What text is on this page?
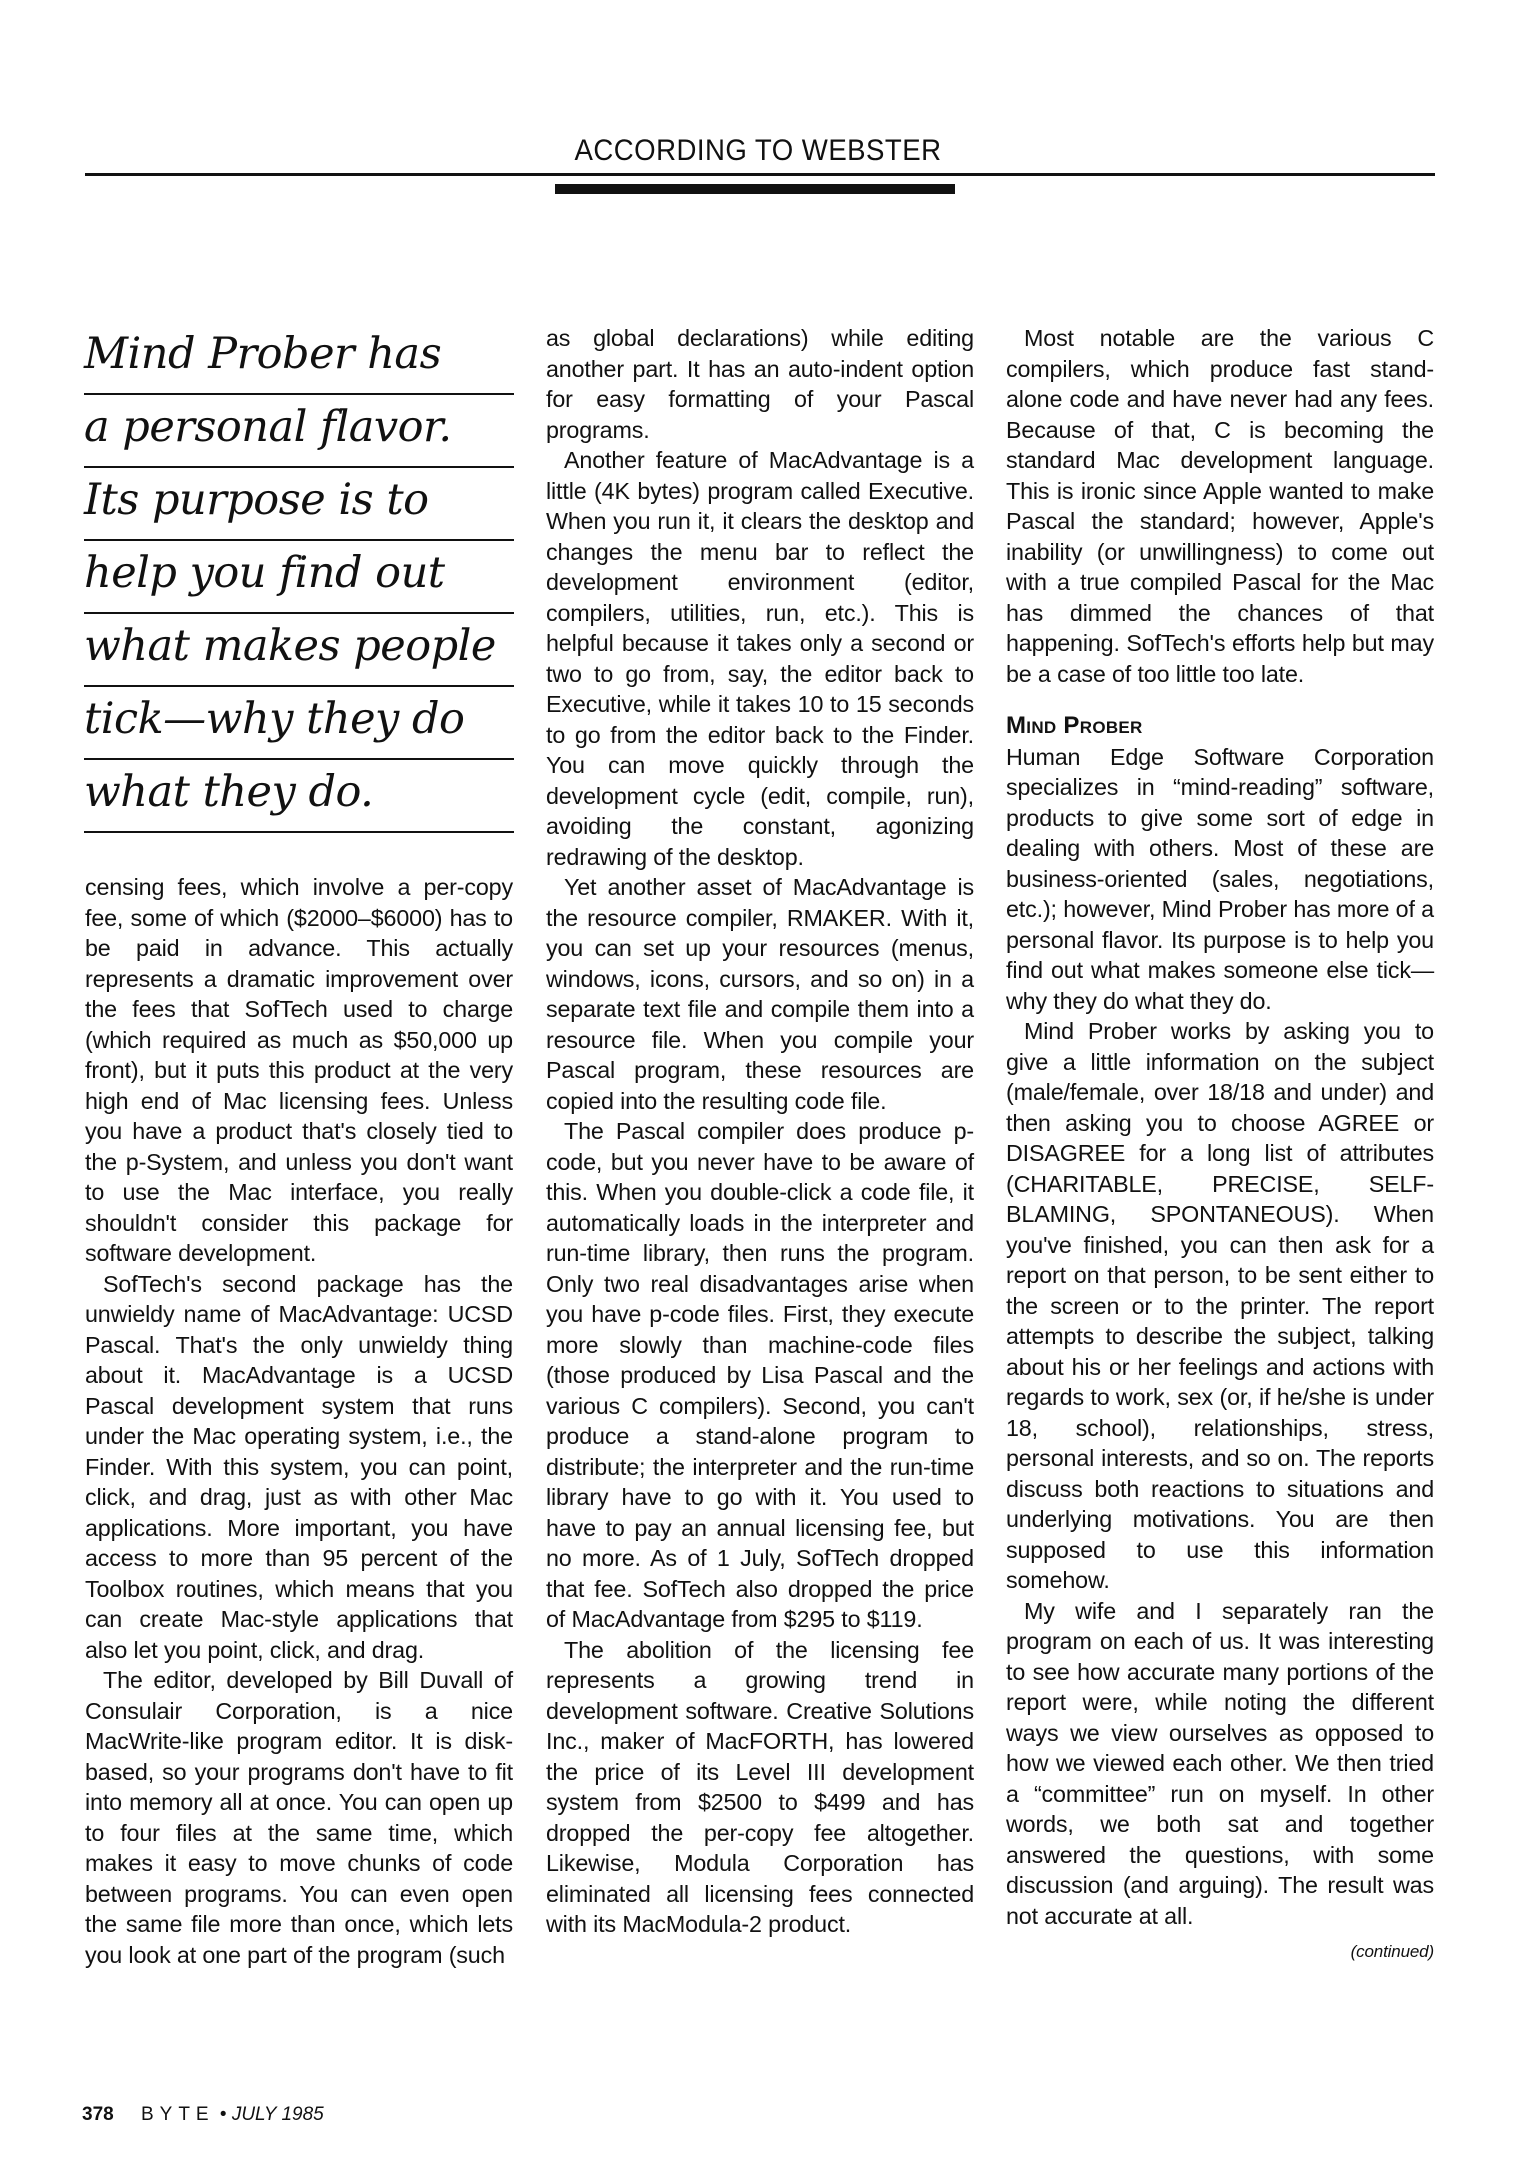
ACCORDING TO WEBSTER
Mind Prober has
a personal flavor.
Its purpose is to
help you find out
what makes people
tick—why they do
what they do.

censing fees, which involve a per-copy fee, some of which ($2000–$6000) has to be paid in advance. This actually represents a dramatic improvement over the fees that SofTech used to charge (which required as much as $50,000 up front), but it puts this product at the very high end of Mac licensing fees. Unless you have a product that's closely tied to the p-System, and unless you don't want to use the Mac interface, you really shouldn't consider this package for software development.

SofTech's second package has the unwieldy name of MacAdvantage: UCSD Pascal. That's the only unwieldy thing about it. MacAdvantage is a UCSD Pascal development system that runs under the Mac operating system, i.e., the Finder. With this system, you can point, click, and drag, just as with other Mac applications. More important, you have access to more than 95 percent of the Toolbox routines, which means that you can create Mac-style applications that also let you point, click, and drag.

The editor, developed by Bill Duvall of Consulair Corporation, is a nice MacWrite-like program editor. It is disk-based, so your programs don't have to fit into memory all at once. You can open up to four files at the same time, which makes it easy to move chunks of code between programs. You can even open the same file more than once, which lets you look at one part of the program (such

as global declarations) while editing another part. It has an auto-indent option for easy formatting of your Pascal programs.

Another feature of MacAdvantage is a little (4K bytes) program called Executive. When you run it, it clears the desktop and changes the menu bar to reflect the development environment (editor, compilers, utilities, run, etc.). This is helpful because it takes only a second or two to go from, say, the editor back to Executive, while it takes 10 to 15 seconds to go from the editor back to the Finder. You can move quickly through the development cycle (edit, compile, run), avoiding the constant, agonizing redrawing of the desktop.

Yet another asset of MacAdvantage is the resource compiler, RMAKER. With it, you can set up your resources (menus, windows, icons, cursors, and so on) in a separate text file and compile them into a resource file. When you compile your Pascal program, these resources are copied into the resulting code file.

The Pascal compiler does produce p-code, but you never have to be aware of this. When you double-click a code file, it automatically loads in the interpreter and run-time library, then runs the program. Only two real disadvantages arise when you have p-code files. First, they execute more slowly than machine-code files (those produced by Lisa Pascal and the various C compilers). Second, you can't produce a stand-alone program to distribute; the interpreter and the run-time library have to go with it. You used to have to pay an annual licensing fee, but no more. As of 1 July, SofTech dropped that fee. SofTech also dropped the price of MacAdvantage from $295 to $119.

The abolition of the licensing fee represents a growing trend in development software. Creative Solutions Inc., maker of MacFORTH, has lowered the price of its Level III development system from $2500 to $499 and has dropped the per-copy fee altogether. Likewise, Modula Corporation has eliminated all licensing fees connected with its MacModula-2 product.

Most notable are the various C compilers, which produce fast stand-alone code and have never had any fees. Because of that, C is becoming the standard Mac development language. This is ironic since Apple wanted to make Pascal the standard; however, Apple's inability (or unwillingness) to come out with a true compiled Pascal for the Mac has dimmed the chances of that happening. SofTech's efforts help but may be a case of too little too late.

Mind Prober

Human Edge Software Corporation specializes in “mind-reading” software, products to give some sort of edge in dealing with others. Most of these are business-oriented (sales, negotiations, etc.); however, Mind Prober has more of a personal flavor. Its purpose is to help you find out what makes someone else tick—why they do what they do.

Mind Prober works by asking you to give a little information on the subject (male/female, over 18/18 and under) and then asking you to choose AGREE or DISAGREE for a long list of attributes (CHARITABLE, PRECISE, SELF-BLAMING, SPONTANEOUS). When you've finished, you can then ask for a report on that person, to be sent either to the screen or to the printer. The report attempts to describe the subject, talking about his or her feelings and actions with regards to work, sex (or, if he/she is under 18, school), relationships, stress, personal interests, and so on. The reports discuss both reactions to situations and underlying motivations. You are then supposed to use this information somehow.

My wife and I separately ran the program on each of us. It was interesting to see how accurate many portions of the report were, while noting the different ways we view ourselves as opposed to how we viewed each other. We then tried a “committee” run on myself. In other words, we both sat and together answered the questions, with some discussion (and arguing). The result was not accurate at all.

(continued)
378 BYTE • JULY 1985
